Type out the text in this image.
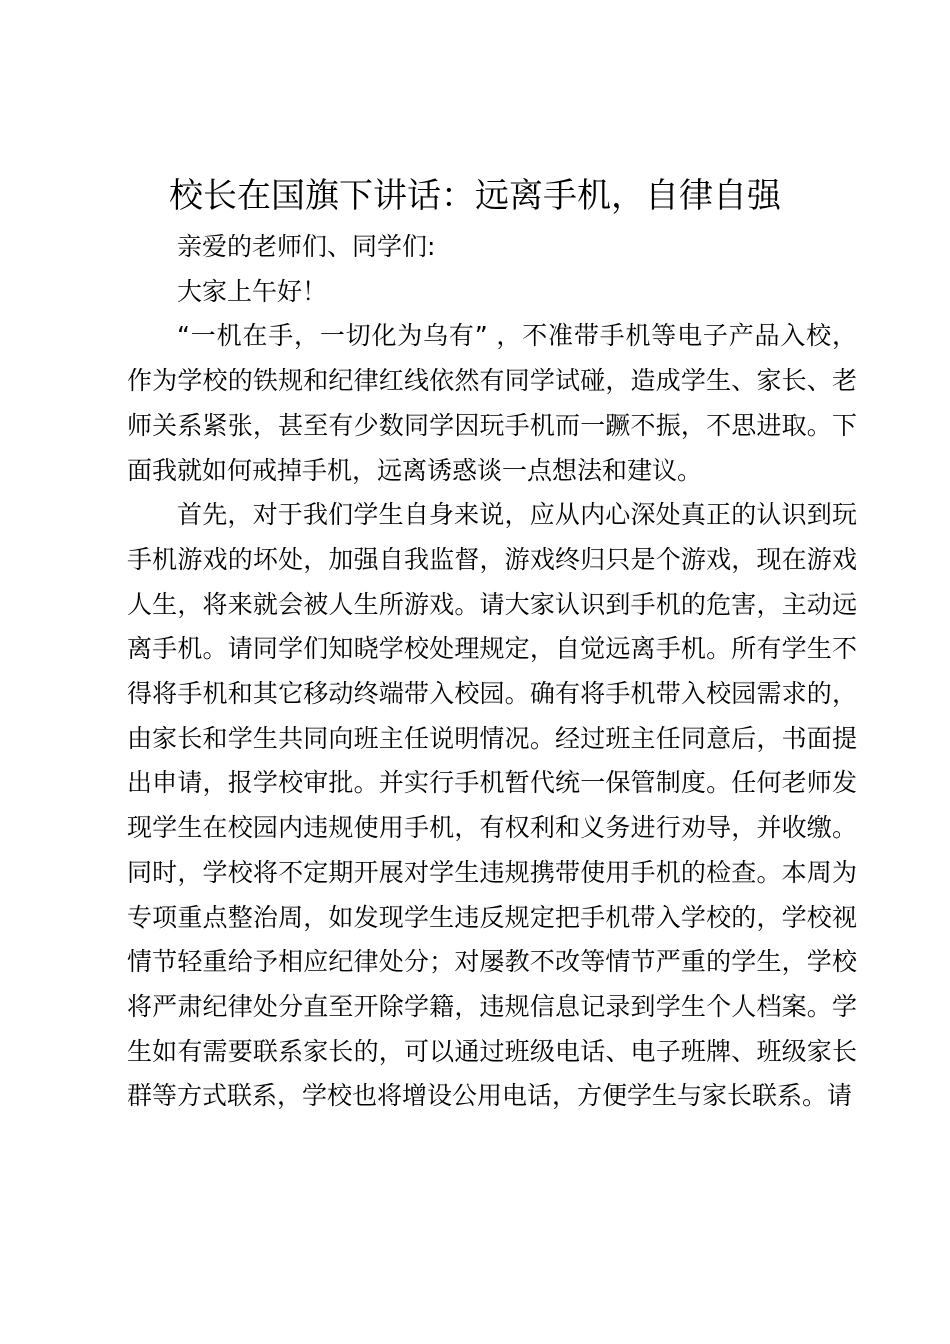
校长在国旗下讲话：远离手机，自律自强

亲爱的老师们、同学们:

大家上午好！

“一机在手，一切化为乌有” ，不准带手机等电子产品入校，作为学校的铁规和纪律红线依然有同学试碰，造成学生、家长、老师关系紧张，甚至有少数同学因玩手机而一蹶不振，不思进取。下面我就如何戒掉手机，远离诱惑谈一点想法和建议。

首先，对于我们学生自身来说，应从内心深处真正的认识到玩手机游戏的坏处，加强自我监督，游戏终归只是个游戏，现在游戏人生，将来就会被人生所游戏。请大家认识到手机的危害，主动远离手机。请同学们知晓学校处理规定，自觉远离手机。所有学生不得将手机和其它移动终端带入校园。确有将手机带入校园需求的，由家长和学生共同向班主任说明情况。经过班主任同意后，书面提出申请，报学校审批。并实行手机暂代统一保管制度。任何老师发现学生在校园内违规使用手机，有权利和义务进行劝导，并收缴。同时，学校将不定期开展对学生违规携带使用手机的检查。本周为专项重点整治周，如发现学生违反规定把手机带入学校的，学校视情节轻重给予相应纪律处分；对屡教不改等情节严重的学生，学校将严肃纪律处分直至开除学籍，违规信息记录到学生个人档案。学生如有需要联系家长的，可以通过班级电话、电子班牌、班级家长群等方式联系，学校也将增设公用电话，方便学生与家长联系。请
